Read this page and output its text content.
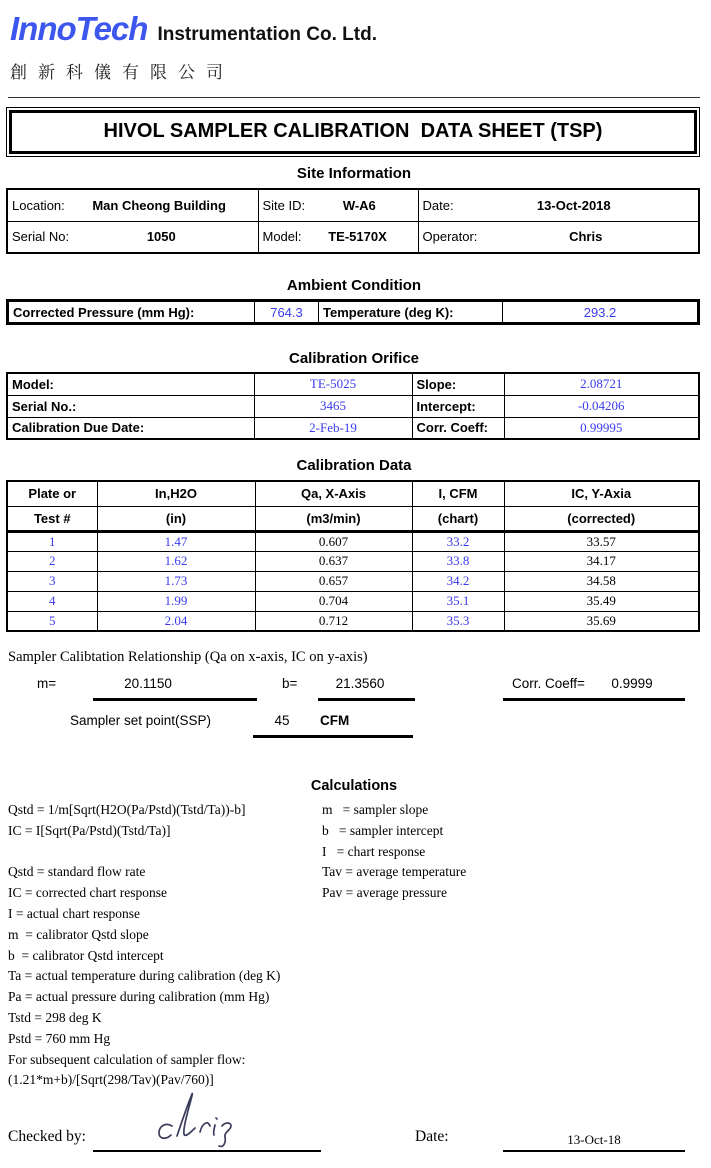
InnoTech Instrumentation Co. Ltd.
創新科儀有限公司
HIVOL SAMPLER CALIBRATION  DATA SHEET (TSP)
Site Information
Location: Man Cheong Building	Site ID: W-A6	Date: 13-Oct-2018

Serial No: 1050	Model: TE-5170X	Operator: Chris
Ambient Condition
Corrected Pressure (mm Hg):	764.3	Temperature (deg K):	293.2
Calibration Orifice
Model:	TE-5025	Slope:	2.08721
Serial No.:	3465	Intercept:	-0.04206
Calibration Due Date:	2-Feb-19	Corr. Coeff:	0.99995
Calibration Data
Plate or	In,H2O	Qa, X-Axis	I, CFM	IC, Y-Axia
Test #	(in)	(m3/min)	(chart)	(corrected)
1	1.47	0.607	33.2	33.57
2	1.62	0.637	33.8	34.17
3	1.73	0.657	34.2	34.58
4	1.99	0.704	35.1	35.49
5	2.04	0.712	35.3	35.69
Sampler Calibtation Relationship (Qa on x-axis, IC on y-axis)
m=	20.1150	b=	21.3560	Corr. Coeff=	0.9999
Sampler set point(SSP)	45	CFM
Calculations
Qstd = 1/m[Sqrt(H2O(Pa/Pstd)(Tstd/Ta))-b]
IC = I[Sqrt(Pa/Pstd)(Tstd/Ta)]
Qstd = standard flow rate
IC = corrected chart response
I = actual chart response
m  = calibrator Qstd slope
b  = calibrator Qstd intercept
Ta = actual temperature during calibration (deg K)
Pa = actual pressure during calibration (mm Hg)
Tstd = 298 deg K
Pstd = 760 mm Hg
For subsequent calculation of sampler flow:
(1.21*m+b)/[Sqrt(298/Tav)(Pav/760)]
m   = sampler slope
b   = sampler intercept
I   = chart response
Tav = average temperature
Pav = average pressure
Checked by:	Date:	13-Oct-18
